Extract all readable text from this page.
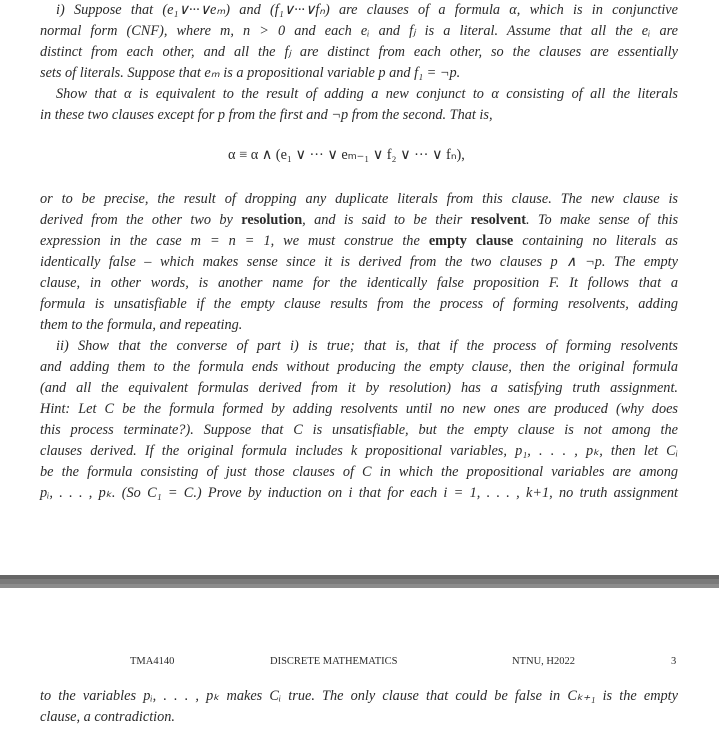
i) Suppose that (e₁∨···∨eₘ) and (f₁∨···∨fₙ) are clauses of a formula α, which is in conjunctive
normal form (CNF), where m, n > 0 and each eᵢ and fⱼ is a literal. Assume that all the eᵢ are
distinct from each other, and all the fⱼ are distinct from each other, so the clauses are essentially
sets of literals. Suppose that eₘ is a propositional variable p and f₁ = ¬p.
Show that α is equivalent to the result of adding a new conjunct to α consisting of all the literals
in these two clauses except for p from the first and ¬p from the second. That is,
α ≡ α ∧ (e₁ ∨ ··· ∨ eₘ₋₁ ∨ f₂ ∨ ··· ∨ fₙ),
or to be precise, the result of dropping any duplicate literals from this clause. The new clause is
derived from the other two by resolution, and is said to be their resolvent. To make sense of this
expression in the case m = n = 1, we must construe the empty clause containing no literals as
identically false – which makes sense since it is derived from the two clauses p ∧ ¬p. The empty
clause, in other words, is another name for the identically false proposition F. It follows that a
formula is unsatisfiable if the empty clause results from the process of forming resolvents, adding
them to the formula, and repeating.
ii) Show that the converse of part i) is true; that is, that if the process of forming resolvents
and adding them to the formula ends without producing the empty clause, then the original formula
(and all the equivalent formulas derived from it by resolution) has a satisfying truth assignment.
Hint: Let C be the formula formed by adding resolvents until no new ones are produced (why does
this process terminate?). Suppose that C is unsatisfiable, but the empty clause is not among the
clauses derived. If the original formula includes k propositional variables, p₁, . . . , pₖ, then let Cᵢ
be the formula consisting of just those clauses of C in which the propositional variables are among
pᵢ, . . . , pₖ. (So C₁ = C.) Prove by induction on i that for each i = 1, . . . , k+1, no truth assignment
TMA4140	DISCRETE MATHEMATICS	NTNU, H2022	3
to the variables pᵢ, . . . , pₖ makes Cᵢ true. The only clause that could be false in Cₖ₊₁ is the empty
clause, a contradiction.
